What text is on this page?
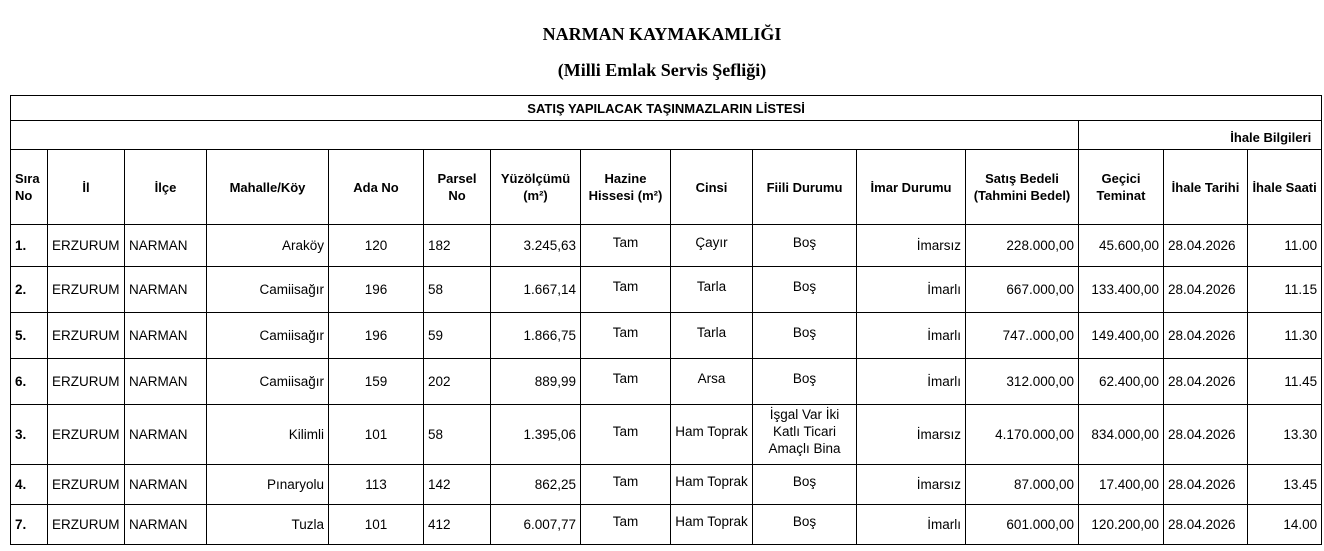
NARMAN KAYMAKAMLIĞI
(Milli Emlak Servis Şefliği)
SATIŞ YAPILACAK TAŞINMAZLARIN LİSTESİ														
												İhale Bilgileri		
Sıra No	İl	İlçe	Mahalle/Köy	Ada No	Parsel No	Yüzölçümü (m²)	Hazine Hissesi (m²)	Cinsi	Fiili Durumu	İmar Durumu	Satış Bedeli (Tahmini Bedel)	Geçici Teminat	İhale Tarihi	İhale Saati
1.	ERZURUM	NARMAN	Araköy	120	182	3.245,63	Tam	Çayır	Boş	İmarsız	228.000,00	45.600,00	28.04.2026	11.00
2.	ERZURUM	NARMAN	Camiisağır	196	58	1.667,14	Tam	Tarla	Boş	İmarlı	667.000,00	133.400,00	28.04.2026	11.15
5.	ERZURUM	NARMAN	Camiisağır	196	59	1.866,75	Tam	Tarla	Boş	İmarlı	747..000,00	149.400,00	28.04.2026	11.30
6.	ERZURUM	NARMAN	Camiisağır	159	202	889,99	Tam	Arsa	Boş	İmarlı	312.000,00	62.400,00	28.04.2026	11.45
3.	ERZURUM	NARMAN	Kilimli	101	58	1.395,06	Tam	Ham Toprak	İşgal Var İki Katlı Ticari Amaçlı Bina	İmarsız	4.170.000,00	834.000,00	28.04.2026	13.30
4.	ERZURUM	NARMAN	Pınaryolu	113	142	862,25	Tam	Ham Toprak	Boş	İmarsız	87.000,00	17.400,00	28.04.2026	13.45
7.	ERZURUM	NARMAN	Tuzla	101	412	6.007,77	Tam	Ham Toprak	Boş	İmarlı	601.000,00	120.200,00	28.04.2026	14.00
